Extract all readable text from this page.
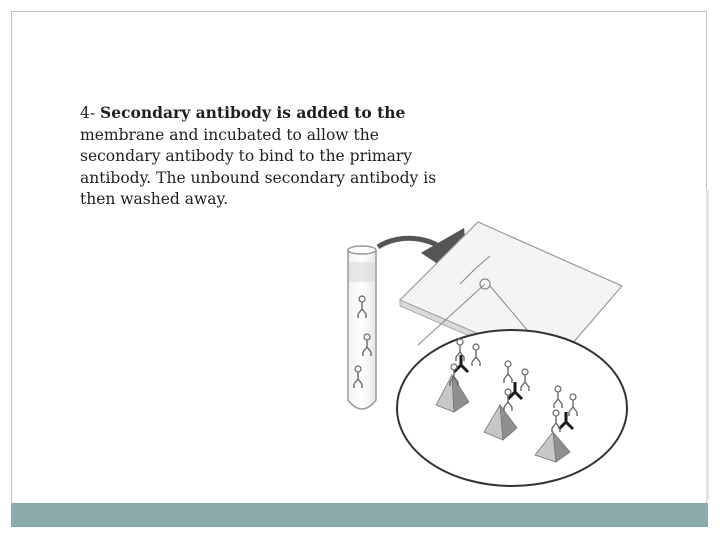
4- Secondary antibody is added to the membrane and incubated to allow the secondary antibody to bind to the primary antibody. The unbound secondary antibody is then washed away.
